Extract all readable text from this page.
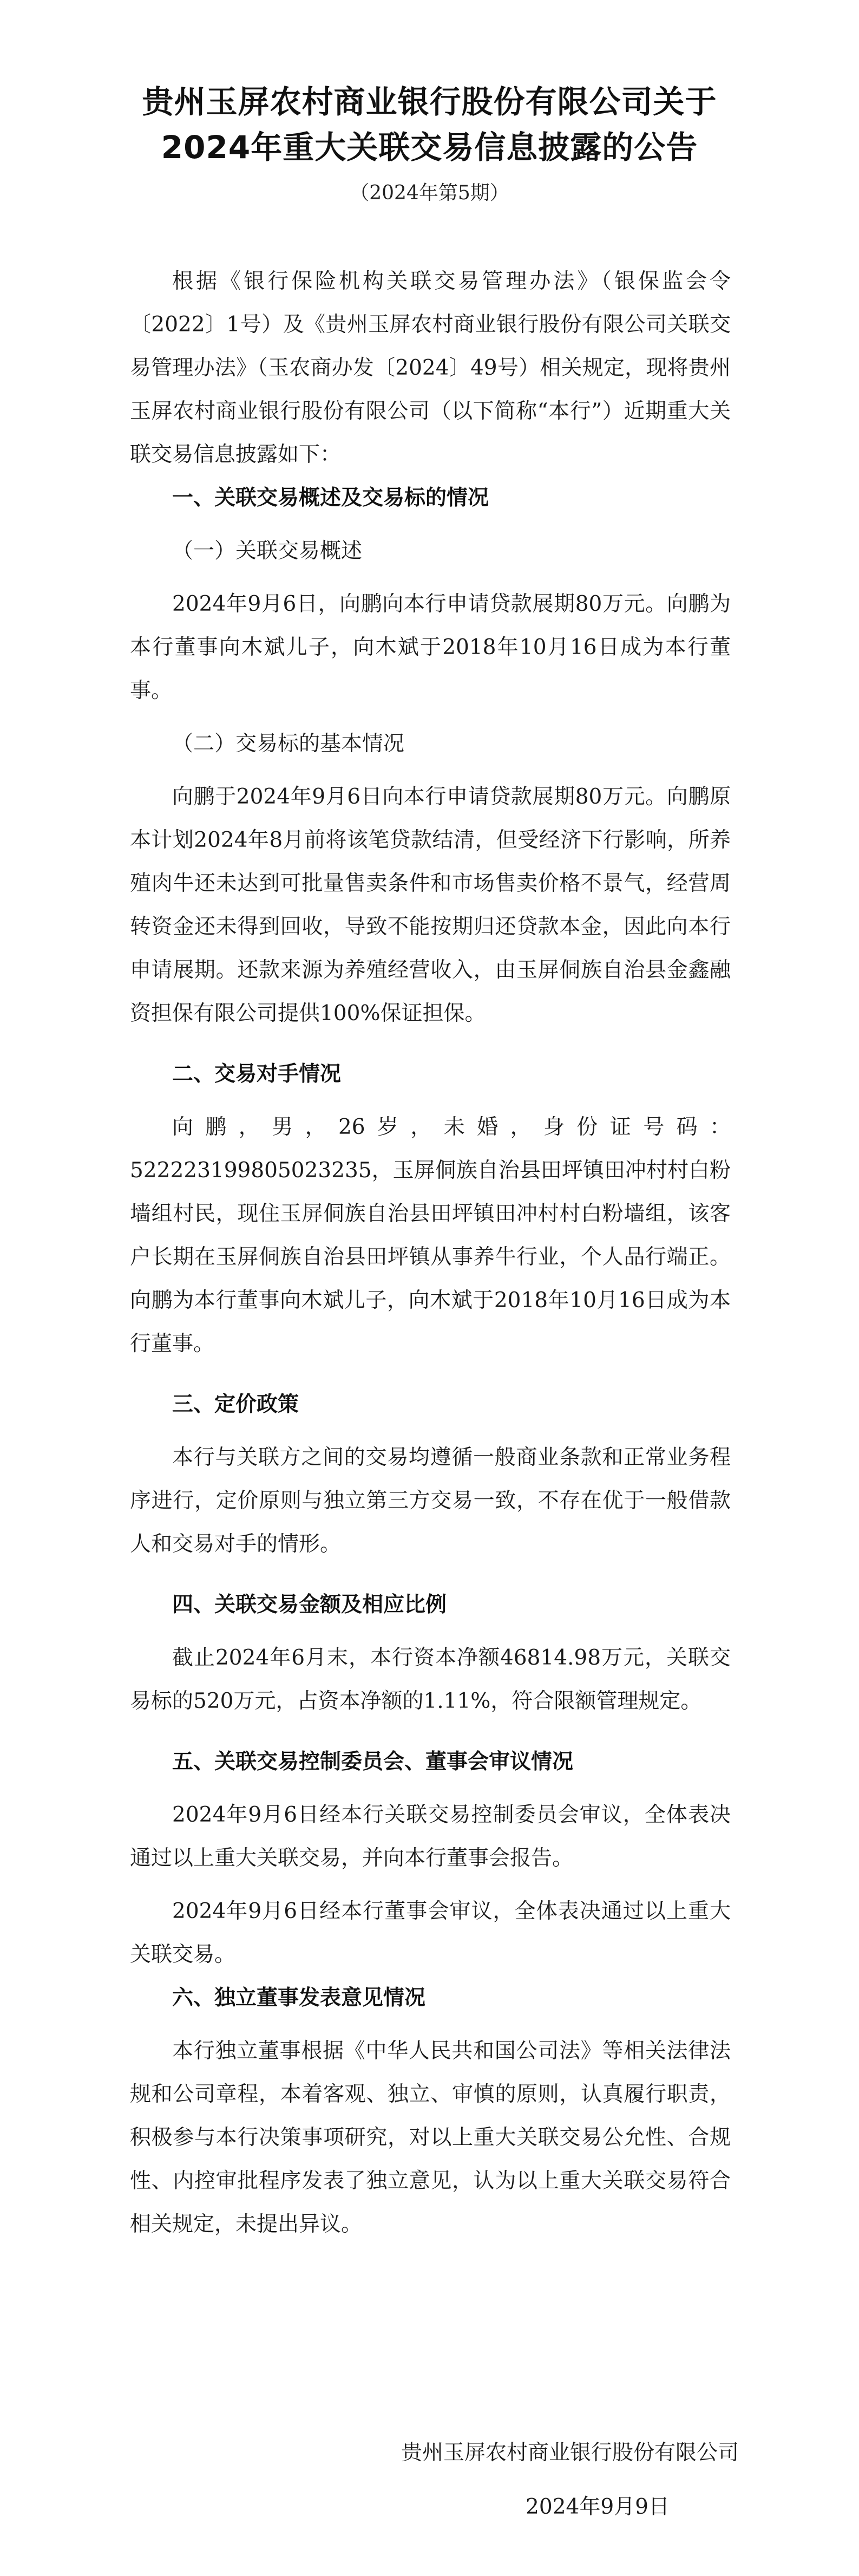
贵州玉屏农村商业银行股份有限公司关于
2024年重大关联交易信息披露的公告
（2024年第5期）

根据《银行保险机构关联交易管理办法》（银保监会令〔2022〕1号）及《贵州玉屏农村商业银行股份有限公司关联交易管理办法》（玉农商办发〔2024〕49号）相关规定，现将贵州玉屏农村商业银行股份有限公司（以下简称“本行”）近期重大关联交易信息披露如下：

一、关联交易概述及交易标的情况

（一）关联交易概述

2024年9月6日，向鹏向本行申请贷款展期80万元。向鹏为本行董事向木斌儿子，向木斌于2018年10月16日成为本行董事。

（二）交易标的基本情况

向鹏于2024年9月6日向本行申请贷款展期80万元。向鹏原本计划2024年8月前将该笔贷款结清，但受经济下行影响，所养殖肉牛还未达到可批量售卖条件和市场售卖价格不景气，经营周转资金还未得到回收，导致不能按期归还贷款本金，因此向本行申请展期。还款来源为养殖经营收入，由玉屏侗族自治县金鑫融资担保有限公司提供100%保证担保。

二、交易对手情况

向鹏，男，26岁，未婚，身份证号码：522223199805023235，玉屏侗族自治县田坪镇田冲村村白粉墙组村民，现住玉屏侗族自治县田坪镇田冲村村白粉墙组，该客户长期在玉屏侗族自治县田坪镇从事养牛行业，个人品行端正。向鹏为本行董事向木斌儿子，向木斌于2018年10月16日成为本行董事。

三、定价政策

本行与关联方之间的交易均遵循一般商业条款和正常业务程序进行，定价原则与独立第三方交易一致，不存在优于一般借款人和交易对手的情形。

四、关联交易金额及相应比例

截止2024年6月末，本行资本净额46814.98万元，关联交易标的520万元，占资本净额的1.11%，符合限额管理规定。

五、关联交易控制委员会、董事会审议情况

2024年9月6日经本行关联交易控制委员会审议，全体表决通过以上重大关联交易，并向本行董事会报告。

2024年9月6日经本行董事会审议，全体表决通过以上重大关联交易。

六、独立董事发表意见情况

本行独立董事根据《中华人民共和国公司法》等相关法律法规和公司章程，本着客观、独立、审慎的原则，认真履行职责，积极参与本行决策事项研究，对以上重大关联交易公允性、合规性、内控审批程序发表了独立意见，认为以上重大关联交易符合相关规定，未提出异议。

贵州玉屏农村商业银行股份有限公司
2024年9月9日
